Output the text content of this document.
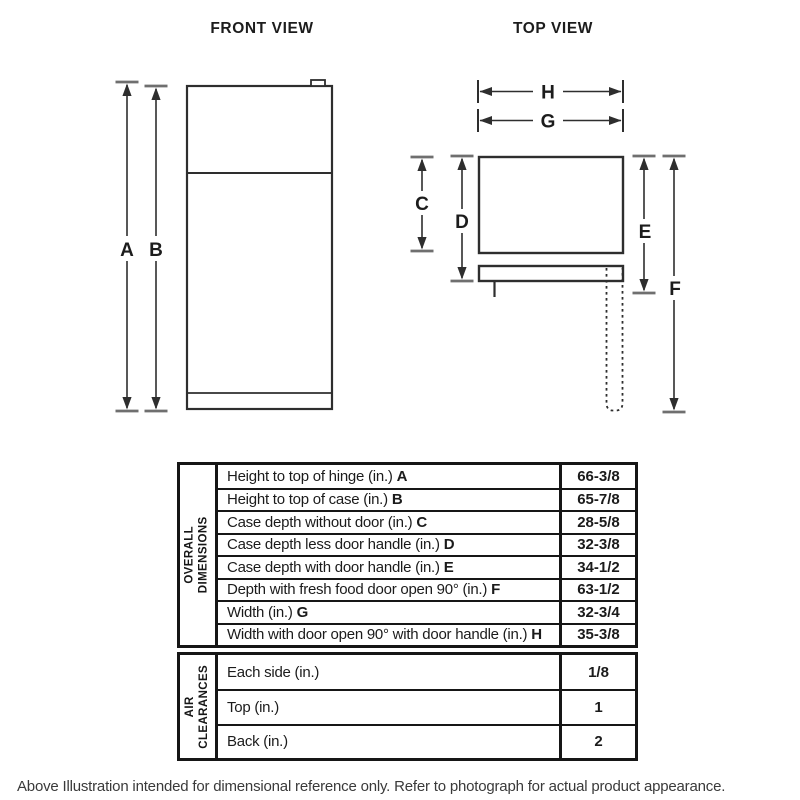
FRONT VIEW	TOP VIEW
A B
H
G
C
D	E
F
OVERALL DIMENSIONS
Height to top of hinge (in.) A	66-3/8
Height to top of case (in.) B	65-7/8
Case depth without door (in.) C	28-5/8
Case depth less door handle (in.) D	32-3/8
Case depth with door handle (in.) E	34-1/2
Depth with fresh food door open 90° (in.) F	63-1/2
Width (in.) G	32-3/4
Width with door open 90° with door handle (in.) H	35-3/8
AIR CLEARANCES Each side (in.)	1/8
Top (in.)	1
Back (in.)	2
Above Illustration intended for dimensional reference only. Refer to photograph for actual product appearance.
